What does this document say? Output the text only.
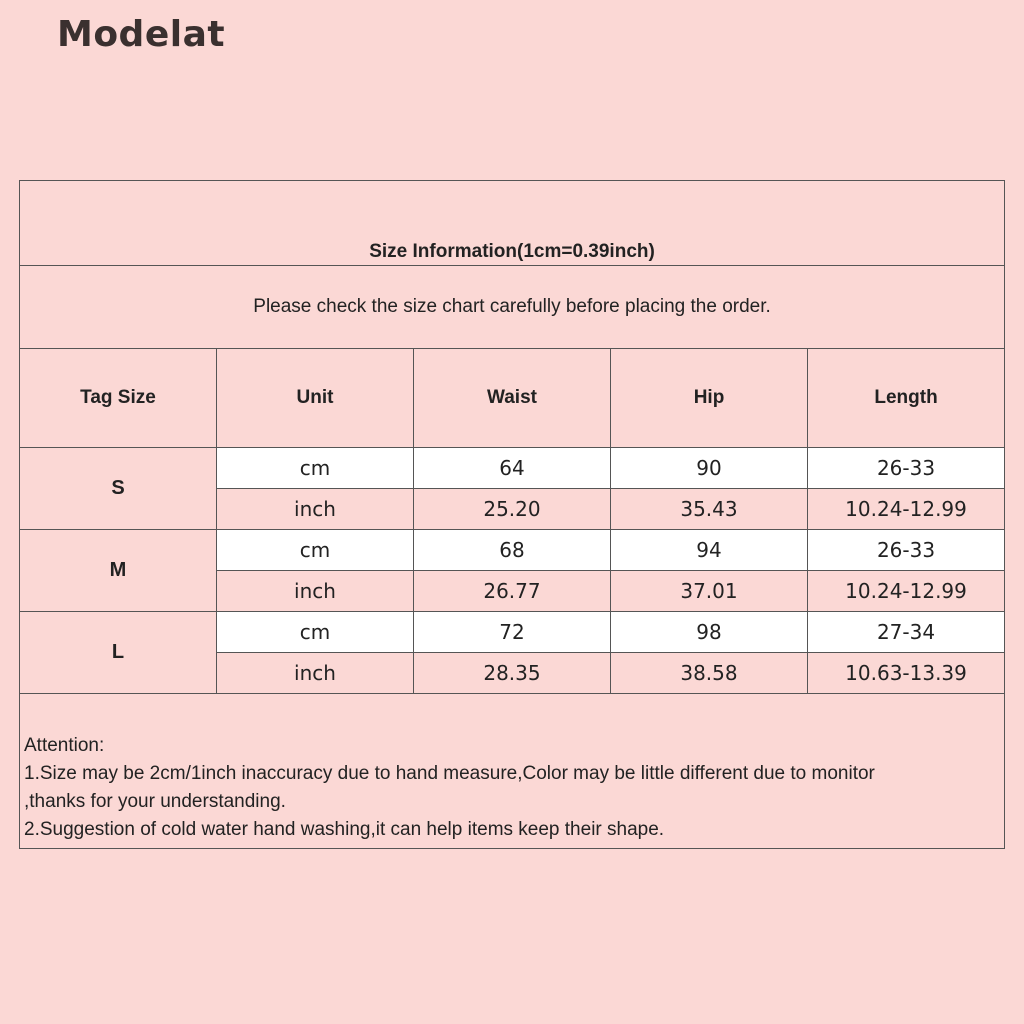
Modelat
Size Information(1cm=0.39inch)				
Please check the size chart carefully before placing the order.				
Tag Size	Unit	Waist	Hip	Length
S	cm	64	90	26-33
	inch	25.20	35.43	10.24-12.99
M	cm	68	94	26-33
	inch	26.77	37.01	10.24-12.99
L	cm	72	98	27-34
	inch	28.35	38.58	10.63-13.39

Attention:
1.Size may be 2cm/1inch inaccuracy due to hand measure,Color may be little different due to monitor
,thanks for your understanding.
2.Suggestion of cold water hand washing,it can help items keep their shape.				
